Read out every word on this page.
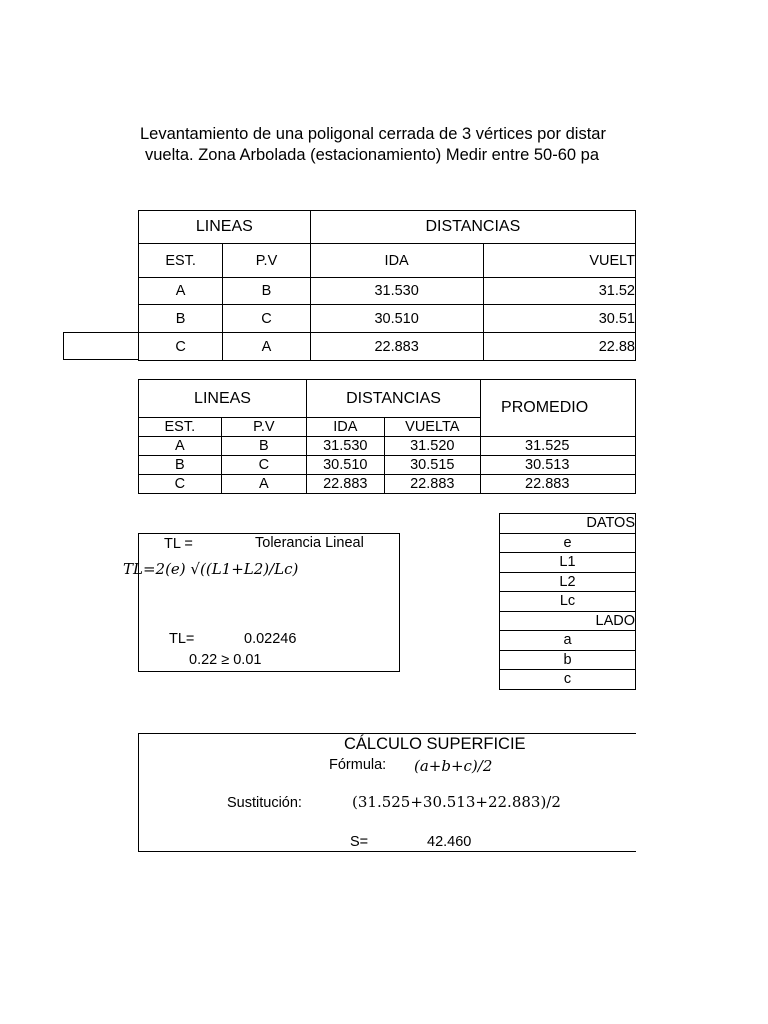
Levantamiento de una poligonal cerrada de 3 vértices por distar
vuelta. Zona Arbolada (estacionamiento) Medir entre 50-60 pa
LINEAS		DISTANCIAS	
EST.	P.V	IDA	VUELT
A	B	31.530	31.52
B	C	30.510	30.51
C	A	22.883	22.88
LINEAS		DISTANCIAS		PROMEDIO
EST.	P.V	IDA	VUELTA	
A	B	31.530	31.520	31.525
B	C	30.510	30.515	30.513
C	A	22.883	22.883	22.883
TL =	Tolerancia Lineal
TL=2(e) √((L1+L2)/Lc)
TL=	0.02246
0.22 ≥ 0.01
DATOS
e
L1
L2
Lc
LADO
a
b
c
CÁLCULO SUPERFICIE
Fórmula: (a+b+c)/2
Sustitución:	(31.525+30.513+22.883)/2
S=	42.460
